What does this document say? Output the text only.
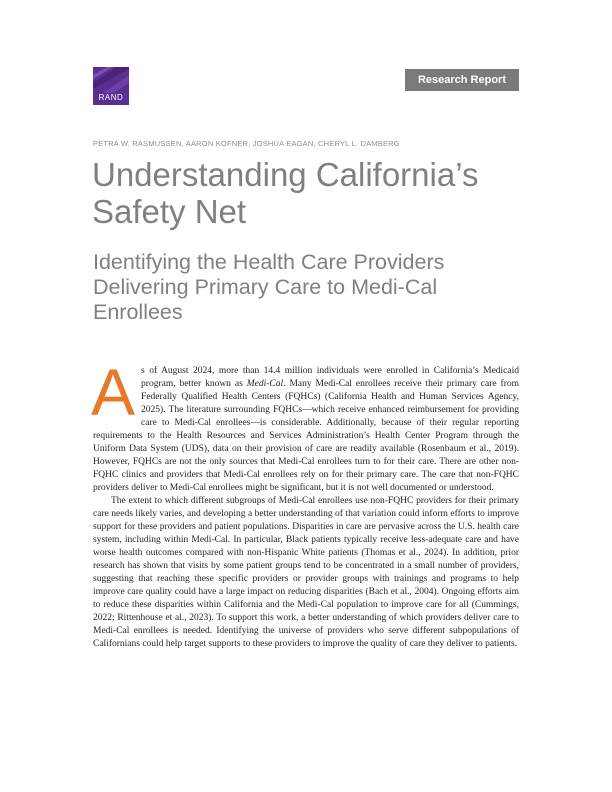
RAND
Research Report
PETRA W. RASMUSSEN, AARON KOFNER, JOSHUA EAGAN, CHERYL L. DAMBERG
Understanding California’s Safety Net
Identifying the Health Care Providers Delivering Primary Care to Medi-Cal Enrollees

As of August 2024, more than 14.4 million individuals were enrolled in California’s Medicaid program, better known as Medi-Cal. Many Medi-Cal enrollees receive their primary care from Federally Qualified Health Centers (FQHCs) (California Health and Human Services Agency, 2025). The literature surrounding FQHCs—which receive enhanced reimbursement for providing care to Medi-Cal enrollees—is considerable. Additionally, because of their regular reporting requirements to the Health Resources and Services Administration’s Health Center Program through the Uniform Data System (UDS), data on their provision of care are readily available (Rosenbaum et al., 2019). However, FQHCs are not the only sources that Medi-Cal enrollees turn to for their care. There are other non-FQHC clinics and providers that Medi-Cal enrollees rely on for their primary care. The care that non-FQHC providers deliver to Medi-Cal enrollees might be significant, but it is not well documented or understood.

The extent to which different subgroups of Medi-Cal enrollees use non-FQHC providers for their primary care needs likely varies, and developing a better understanding of that variation could inform efforts to improve support for these providers and patient populations. Disparities in care are pervasive across the U.S. health care system, including within Medi-Cal. In particular, Black patients typically receive less-adequate care and have worse health outcomes compared with non-Hispanic White patients (Thomas et al., 2024). In addition, prior research has shown that visits by some patient groups tend to be concentrated in a small number of providers, suggesting that reaching these specific providers or provider groups with trainings and programs to help improve care quality could have a large impact on reducing disparities (Bach et al., 2004). Ongoing efforts aim to reduce these disparities within California and the Medi-Cal population to improve care for all (Cummings, 2022; Rittenhouse et al., 2023). To support this work, a better understanding of which providers deliver care to Medi-Cal enrollees is needed. Identifying the universe of providers who serve different subpopulations of Californians could help target supports to these providers to improve the quality of care they deliver to patients.
